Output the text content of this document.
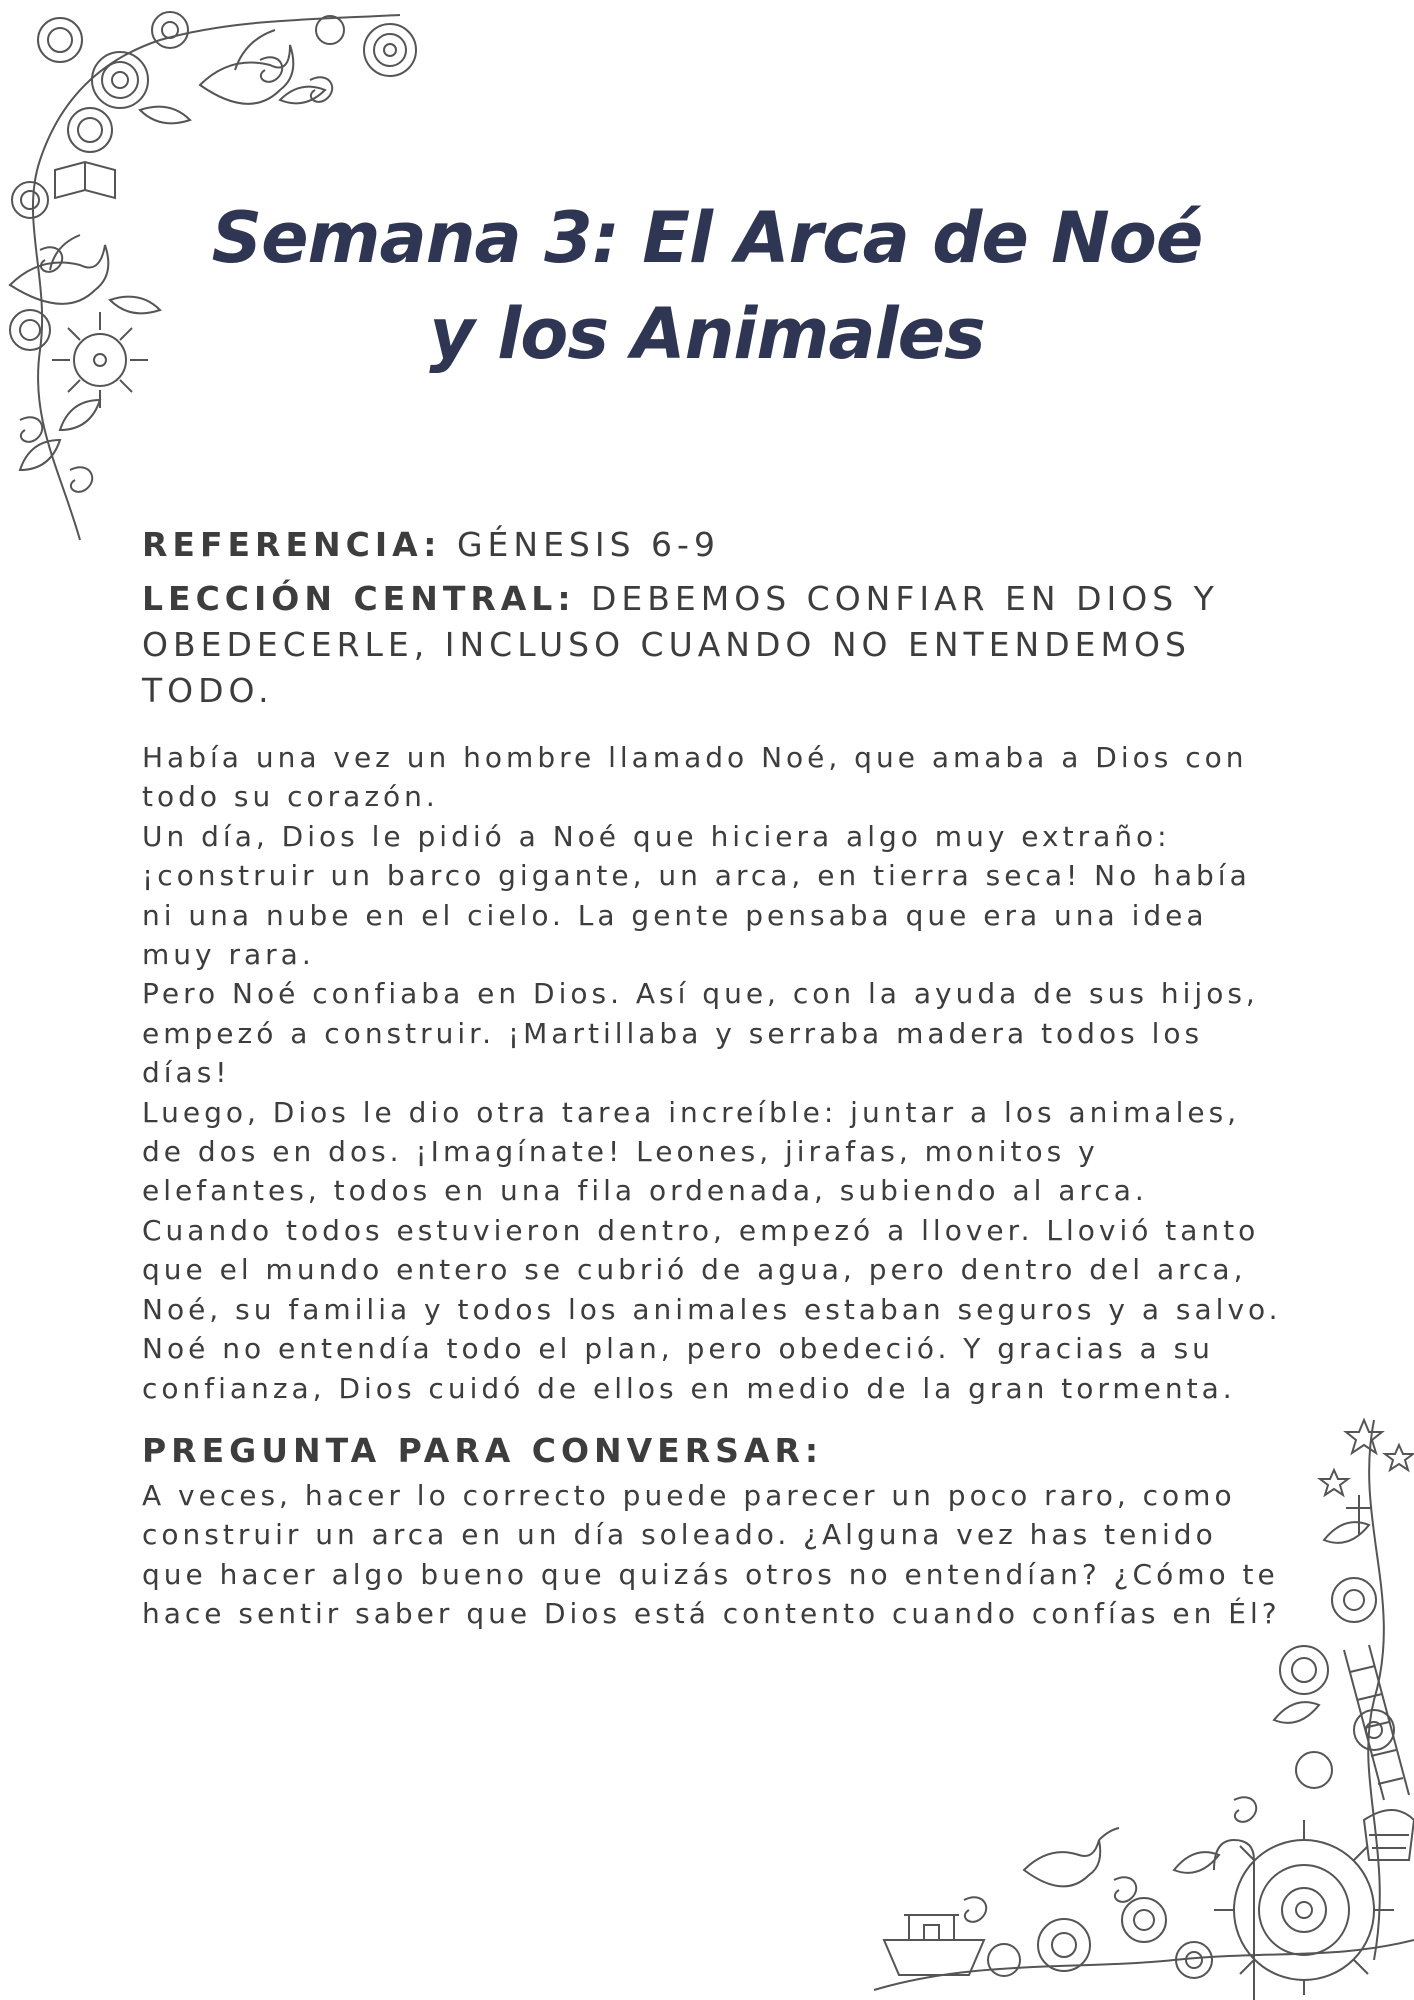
Semana 3: El Arca de Noé
y los Animales

REFERENCIA: GÉNESIS 6-9

LECCIÓN CENTRAL: DEBEMOS CONFIAR EN DIOS Y OBEDECERLE, INCLUSO CUANDO NO ENTENDEMOS TODO.

Había una vez un hombre llamado Noé, que amaba a Dios con todo su corazón.

Un día, Dios le pidió a Noé que hiciera algo muy extraño: ¡construir un barco gigante, un arca, en tierra seca! No había ni una nube en el cielo. La gente pensaba que era una idea muy rara.

Pero Noé confiaba en Dios. Así que, con la ayuda de sus hijos, empezó a construir. ¡Martillaba y serraba madera todos los días!

Luego, Dios le dio otra tarea increíble: juntar a los animales, de dos en dos. ¡Imagínate! Leones, jirafas, monitos y elefantes, todos en una fila ordenada, subiendo al arca.

Cuando todos estuvieron dentro, empezó a llover. Llovió tanto que el mundo entero se cubrió de agua, pero dentro del arca, Noé, su familia y todos los animales estaban seguros y a salvo.

Noé no entendía todo el plan, pero obedeció. Y gracias a su confianza, Dios cuidó de ellos en medio de la gran tormenta.

PREGUNTA PARA CONVERSAR:

A veces, hacer lo correcto puede parecer un poco raro, como construir un arca en un día soleado. ¿Alguna vez has tenido que hacer algo bueno que quizás otros no entendían? ¿Cómo te hace sentir saber que Dios está contento cuando confías en Él?
